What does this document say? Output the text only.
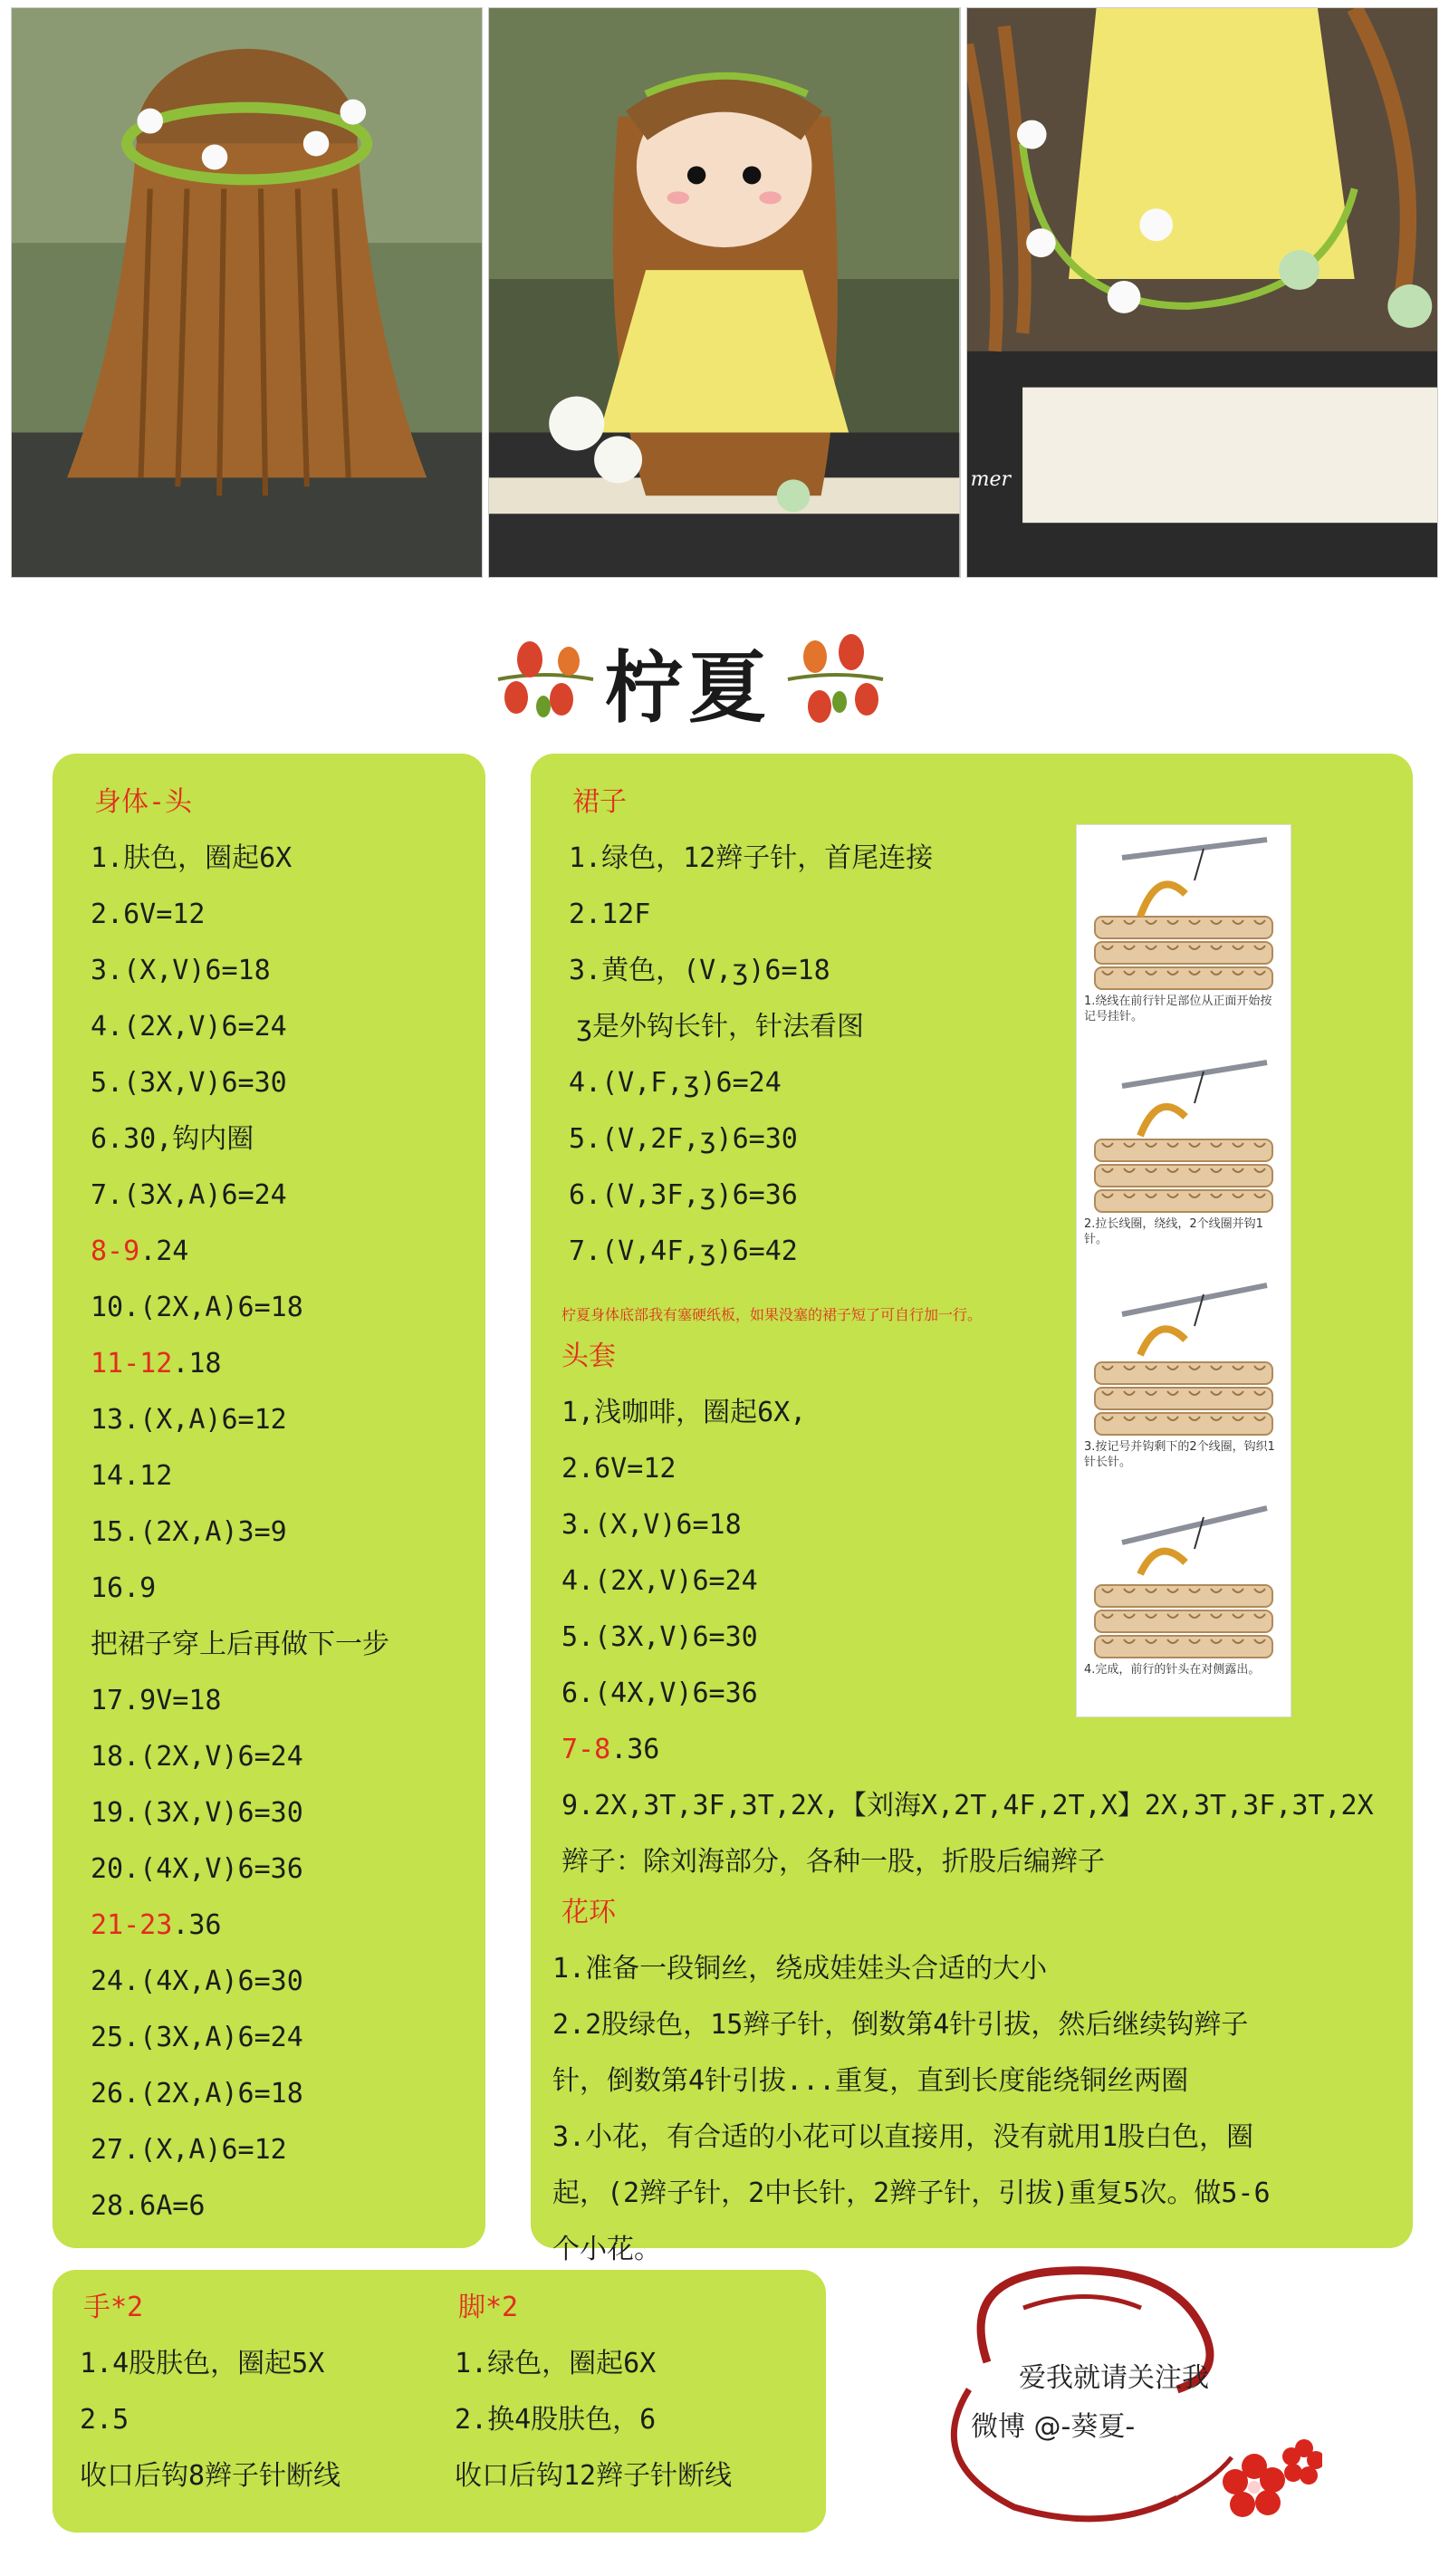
mer
柠夏
身体-头
1.肤色，圈起6X
2.6V=12
3.(X,V)6=18
4.(2X,V)6=24
5.(3X,V)6=30
6.30,钩内圈
7.(3X,A)6=24
8-9.24
10.(2X,A)6=18
11-12.18
13.(X,A)6=12
14.12
15.(2X,A)3=9
16.9
把裙子穿上后再做下一步
17.9V=18
18.(2X,V)6=24
19.(3X,V)6=30
20.(4X,V)6=36
21-23.36
24.(4X,A)6=30
25.(3X,A)6=24
26.(2X,A)6=18
27.(X,A)6=12
28.6A=6
裙子
1.绿色，12辫子针，首尾连接
2.12F
3.黄色，(V,ʒ)6=18
ʒ是外钩长针，针法看图
4.(V,F,ʒ)6=24
5.(V,2F,ʒ)6=30
6.(V,3F,ʒ)6=36
7.(V,4F,ʒ)6=42
柠夏身体底部我有塞硬纸板，如果没塞的裙子短了可自行加一行。
头套
1,浅咖啡，圈起6X,
2.6V=12
3.(X,V)6=18
4.(2X,V)6=24
5.(3X,V)6=30
6.(4X,V)6=36
7-8.36
9.2X,3T,3F,3T,2X,【刘海X,2T,4F,2T,X】2X,3T,3F,3T,2X
辫子：除刘海部分，各种一股，折股后编辫子
花环
1.准备一段铜丝，绕成娃娃头合适的大小
2.2股绿色，15辫子针，倒数第4针引拔，然后继续钩辫子
针，倒数第4针引拔...重复，直到长度能绕铜丝两圈
3.小花，有合适的小花可以直接用，没有就用1股白色，圈
起，(2辫子针，2中长针，2辫子针，引拔)重复5次。做5-6
个小花。
1.绕线在前行针足部位从正面开始按记号挂针。
2.拉长线圈，绕线，2个线圈并钩1针。
3.按记号并钩剩下的2个线圈，钩织1针长针。
4.完成，前行的针头在对侧露出。
手*2
1.4股肤色，圈起5X
2.5
收口后钩8辫子针断线
脚*2
1.绿色，圈起6X
2.换4股肤色，6
收口后钩12辫子针断线
爱我就请关注我
微博 @-葵夏-
